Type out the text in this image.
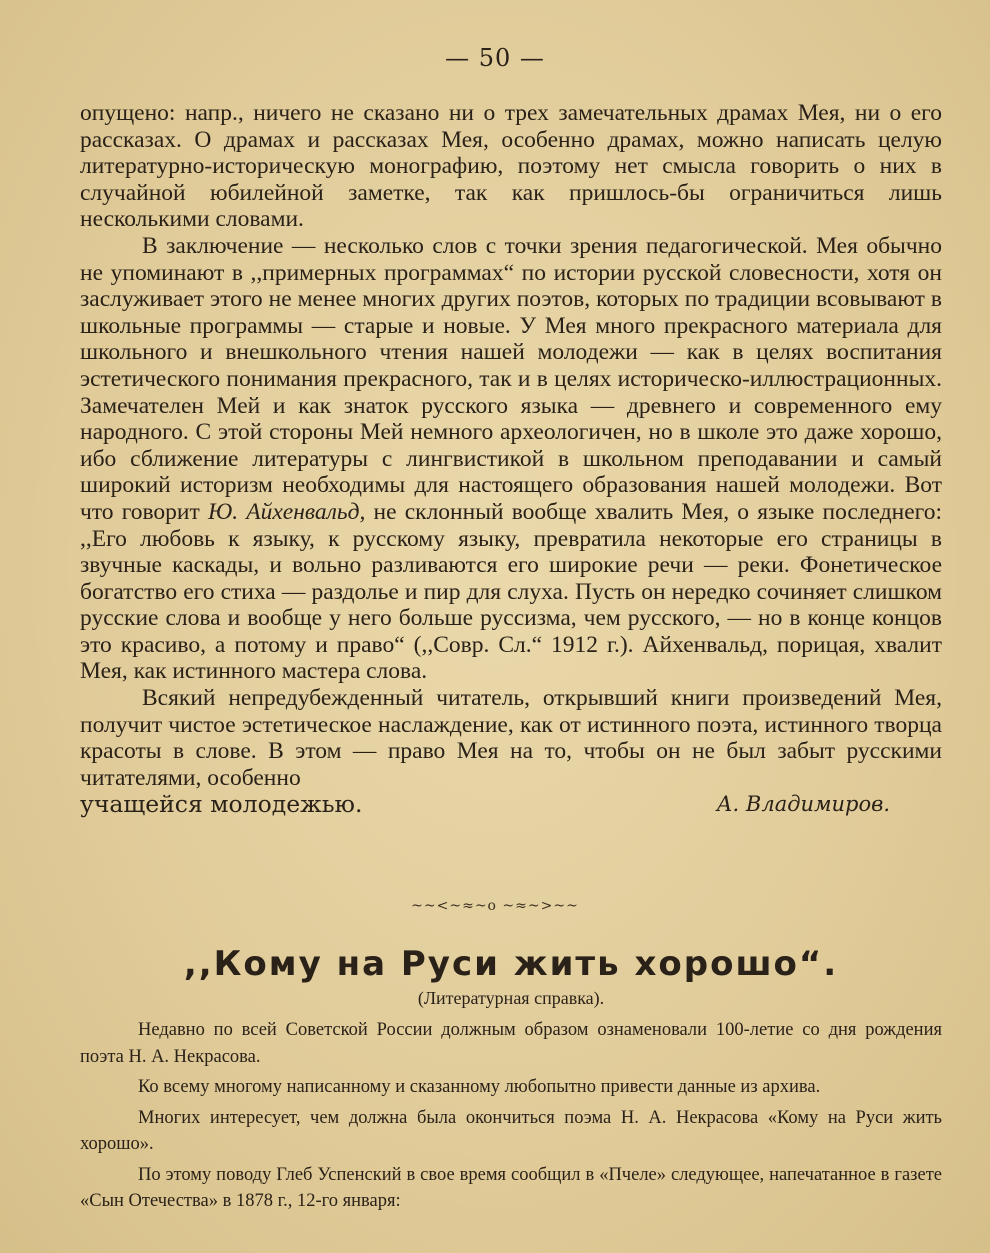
— 50 —

опущено: напр., ничего не сказано ни о трех замечательных драмах Мея, ни о его рассказах. О драмах и рассказах Мея, особенно драмах, можно написать целую литературно-историческую монографию, поэтому нет смысла говорить о них в случайной юбилейной заметке, так как пришлось-бы ограничиться лишь несколькими словами.

В заключение — несколько слов с точки зрения педагогической. Мея обычно не упоминают в ,,примерных программах“ по истории русской словесности, хотя он заслуживает этого не менее многих других поэтов, которых по традиции всовывают в школьные программы — старые и новые. У Мея много прекрасного материала для школьного и внешкольного чтения нашей молодежи — как в целях воспитания эстетического понимания прекрасного, так и в целях историческо-иллюстрационных. Замечателен Мей и как знаток русского языка — древнего и современного ему народного. С этой стороны Мей немного археологичен, но в школе это даже хорошо, ибо сближение литературы с лингвистикой в школьном преподавании и самый широкий историзм необходимы для настоящего образования нашей молодежи. Вот что говорит Ю. Айхенвальд, не склонный вообще хвалить Мея, о языке последнего: ,,Его любовь к языку, к русскому языку, превратила некоторые его страницы в звучные каскады, и вольно разливаются его широкие речи — реки. Фонетическое богатство его стиха — раздолье и пир для слуха. Пусть он нередко сочиняет слишком русские слова и вообще у него больше руссизма, чем русского, — но в конце концов это красиво, а потому и право“ (,,Совр. Сл.“ 1912 г.). Айхенвальд, порицая, хвалит Мея, как истинного мастера слова.

Всякий непредубежденный читатель, открывший книги произведений Мея, получит чистое эстетическое наслаждение, как от истинного поэта, истинного творца красоты в слове. В этом — право Мея на то, чтобы он не был забыт русскими читателями, особенно

учащейся молодежью.	А. Владимиров.
~~<~≈~ο ~≈~>~~
,,Кому на Руси жить хорошо“.
(Литературная справка).

Недавно по всей Советской России должным образом ознаменовали 100-летие со дня рождения поэта Н. А. Некрасова.

Ко всему многому написанному и сказанному любопытно привести данные из архива.

Многих интересует, чем должна была окончиться поэма Н. А. Некрасова «Кому на Руси жить хорошо».

По этому поводу Глеб Успенский в свое время сообщил в «Пчеле» следующее, напечатанное в газете «Сын Отечества» в 1878 г., 12-го января:
